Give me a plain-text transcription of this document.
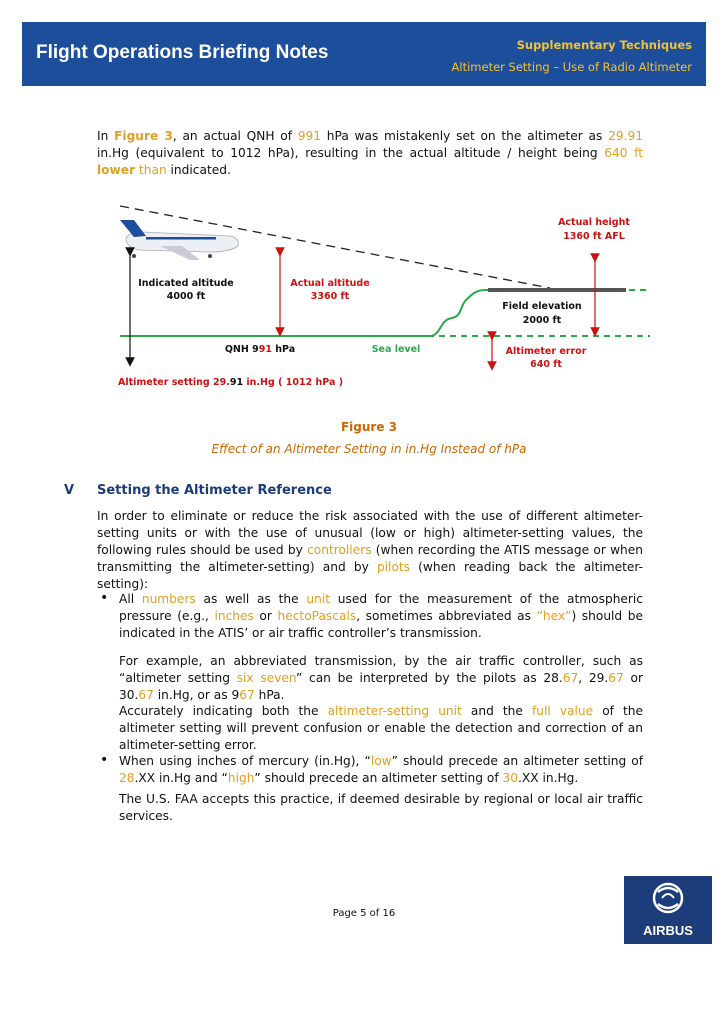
Flight Operations Briefing Notes	Supplementary Techniques
Altimeter Setting – Use of Radio Altimeter
In Figure 3, an actual QNH of 991 hPa was mistakenly set on the altimeter as 29.91 in.Hg (equivalent to 1012 hPa), resulting in the actual altitude / height being 640 ft lower than indicated.
Actual height
1360 ft AFL
Indicated altitude
4000 ft
Actual altitude
3360 ft
Field elevation
2000 ft
QNH 991 hPa	Sea level	Altimeter error
640 ft
Altimeter setting 29.91 in.Hg ( 1012 hPa )
Figure 3
Effect of an Altimeter Setting in in.Hg Instead of hPa
V Setting the Altimeter Reference
In order to eliminate or reduce the risk associated with the use of different altimeter-setting units or with the use of unusual (low or high) altimeter-setting values, the following rules should be used by controllers (when recording the ATIS message or when transmitting the altimeter-setting) and by pilots (when reading back the altimeter-setting):
• All numbers as well as the unit used for the measurement of the atmospheric pressure (e.g., inches or hectoPascals, sometimes abbreviated as “hex”) should be indicated in the ATIS’ or air traffic controller’s transmission.
For example, an abbreviated transmission, by the air traffic controller, such as “altimeter setting six seven” can be interpreted by the pilots as 28.67, 29.67 or 30.67 in.Hg, or as 967 hPa.
Accurately indicating both the altimeter-setting unit and the full value of the altimeter setting will prevent confusion or enable the detection and correction of an altimeter-setting error.
• When using inches of mercury (in.Hg), “low” should precede an altimeter setting of 28.XX in.Hg and “high” should precede an altimeter setting of 30.XX in.Hg.
The U.S. FAA accepts this practice, if deemed desirable by regional or local air traffic services.
Page 5 of 16
AIRBUS
